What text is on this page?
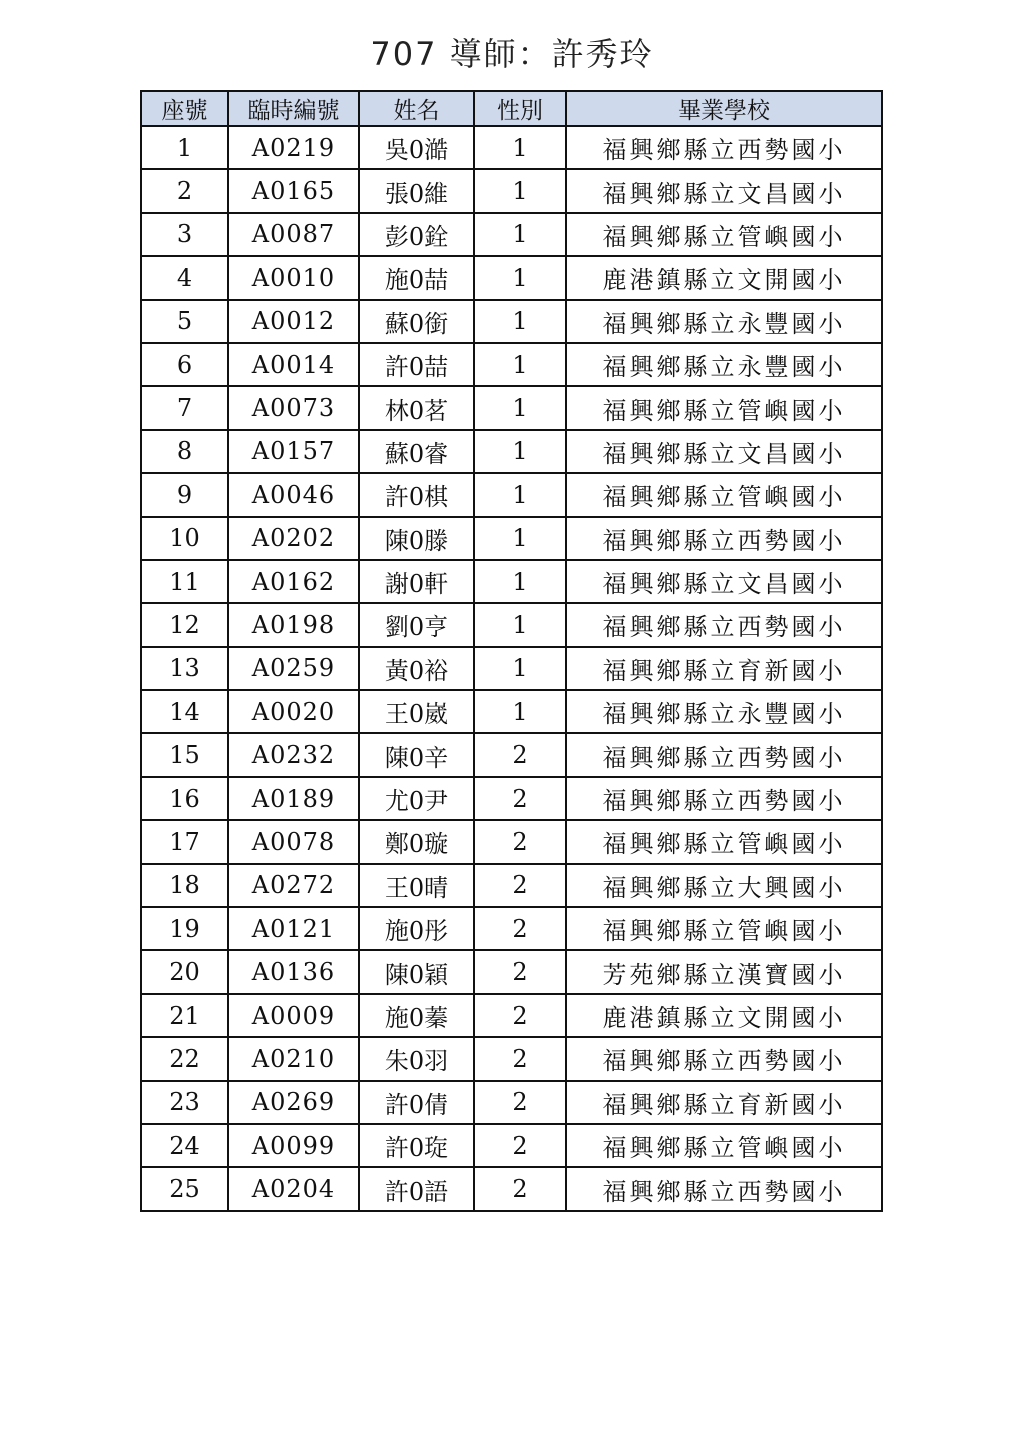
707 導師：許秀玲
座號	臨時編號	姓名	性別	畢業學校
1	A0219	吳0澔	1	福興鄉縣立西勢國小
2	A0165	張0維	1	福興鄉縣立文昌國小
3	A0087	彭0銓	1	福興鄉縣立管嶼國小
4	A0010	施0喆	1	鹿港鎮縣立文開國小
5	A0012	蘇0銜	1	福興鄉縣立永豐國小
6	A0014	許0喆	1	福興鄉縣立永豐國小
7	A0073	林0茗	1	福興鄉縣立管嶼國小
8	A0157	蘇0睿	1	福興鄉縣立文昌國小
9	A0046	許0棋	1	福興鄉縣立管嶼國小
10	A0202	陳0滕	1	福興鄉縣立西勢國小
11	A0162	謝0軒	1	福興鄉縣立文昌國小
12	A0198	劉0亨	1	福興鄉縣立西勢國小
13	A0259	黃0裕	1	福興鄉縣立育新國小
14	A0020	王0崴	1	福興鄉縣立永豐國小
15	A0232	陳0辛	2	福興鄉縣立西勢國小
16	A0189	尤0尹	2	福興鄉縣立西勢國小
17	A0078	鄭0璇	2	福興鄉縣立管嶼國小
18	A0272	王0晴	2	福興鄉縣立大興國小
19	A0121	施0彤	2	福興鄉縣立管嶼國小
20	A0136	陳0穎	2	芳苑鄉縣立漢寶國小
21	A0009	施0蓁	2	鹿港鎮縣立文開國小
22	A0210	朱0羽	2	福興鄉縣立西勢國小
23	A0269	許0倩	2	福興鄉縣立育新國小
24	A0099	許0琁	2	福興鄉縣立管嶼國小
25	A0204	許0語	2	福興鄉縣立西勢國小
